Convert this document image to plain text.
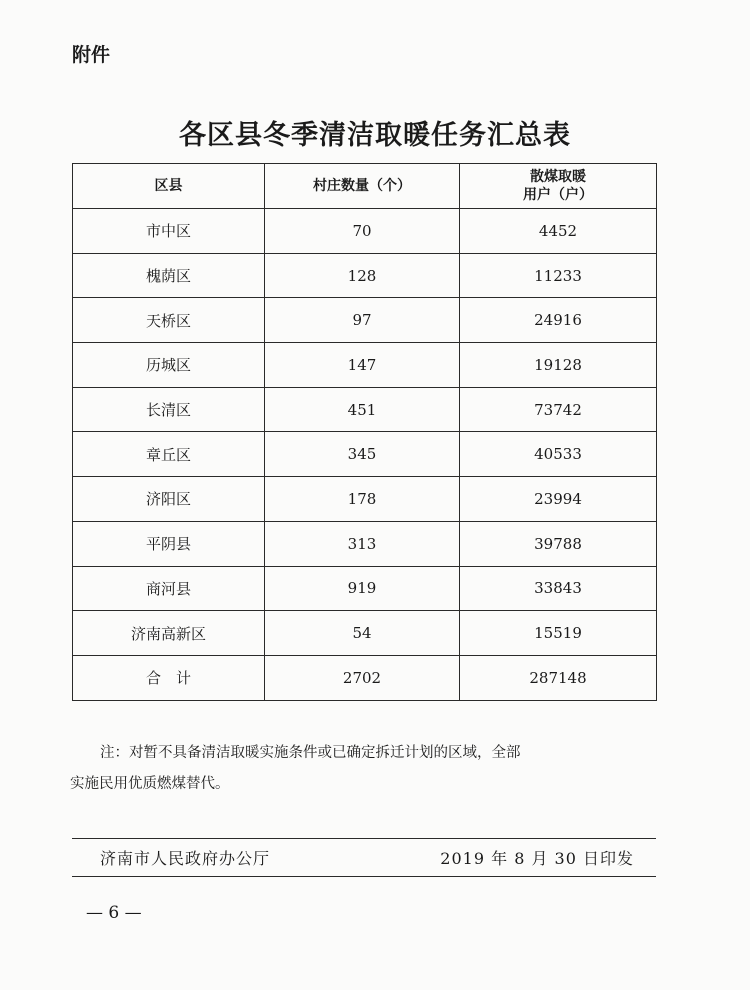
附件
各区县冬季清洁取暖任务汇总表
区县	村庄数量（个）	散煤取暖
用户（户）
市中区	70	4452
槐荫区	128	11233
天桥区	97	24916
历城区	147	19128
长清区	451	73742
章丘区	345	40533
济阳区	178	23994
平阴县	313	39788
商河县	919	33843
济南高新区	54	15519
合　计	2702	287148
注：对暂不具备清洁取暖实施条件或已确定拆迁计划的区域，全部
实施民用优质燃煤替代。
济南市人民政府办公厅	2019 年 8 月 30 日印发
— 6 —
